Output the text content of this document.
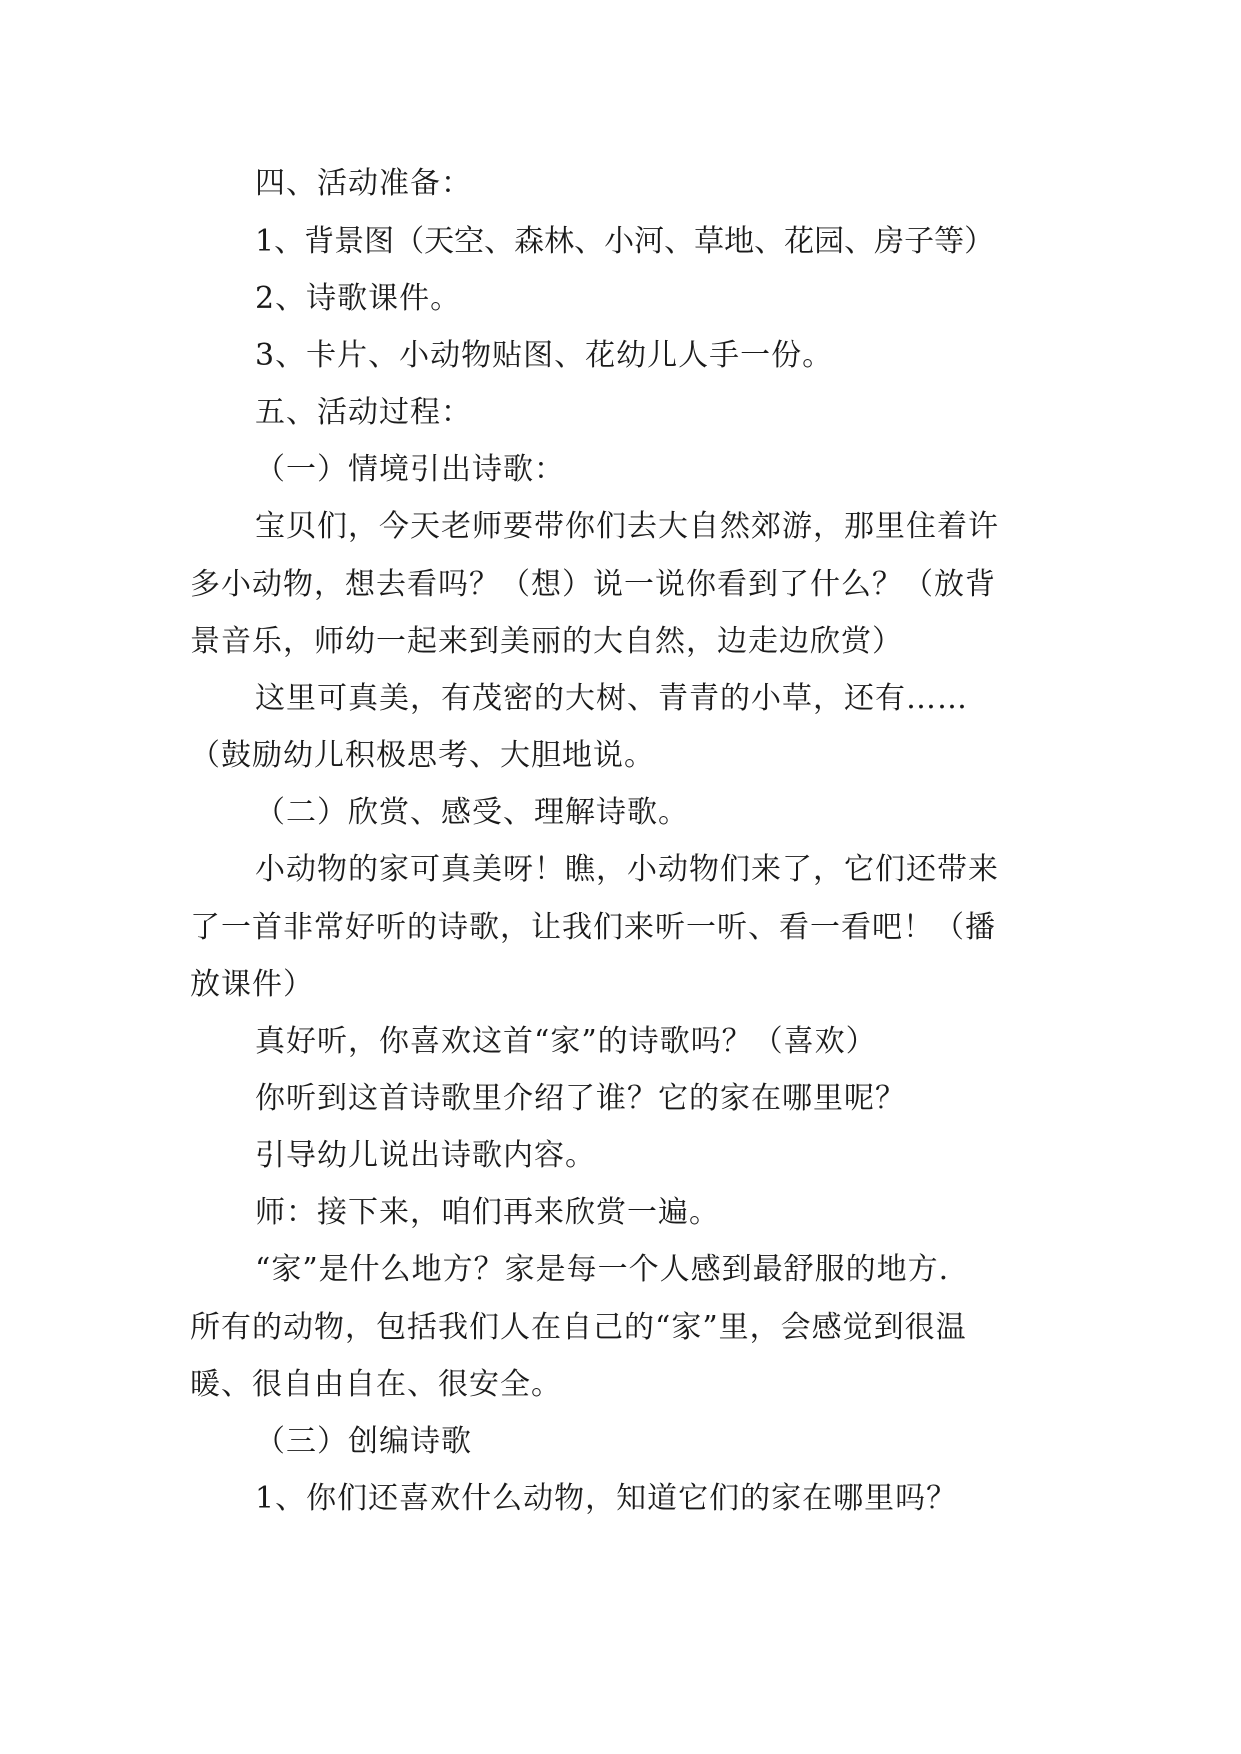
四、活动准备：
1、背景图（天空、森林、小河、草地、花园、房子等）
2、诗歌课件。
3、卡片、小动物贴图、花幼儿人手一份。
五、活动过程：
（一）情境引出诗歌：
宝贝们，今天老师要带你们去大自然郊游，那里住着许
多小动物，想去看吗？（想）说一说你看到了什么？（放背
景音乐，师幼一起来到美丽的大自然，边走边欣赏）
这里可真美，有茂密的大树、青青的小草，还有……
（鼓励幼儿积极思考、大胆地说。
（二）欣赏、感受、理解诗歌。
小动物的家可真美呀！瞧，小动物们来了，它们还带来
了一首非常好听的诗歌，让我们来听一听、看一看吧！（播
放课件）
真好听，你喜欢这首“家”的诗歌吗？（喜欢）
你听到这首诗歌里介绍了谁？它的家在哪里呢？
引导幼儿说出诗歌内容。
师：接下来，咱们再来欣赏一遍。
“家”是什么地方？家是每一个人感到最舒服的地方.
所有的动物，包括我们人在自己的“家”里，会感觉到很温
暖、很自由自在、很安全。
（三）创编诗歌
1、你们还喜欢什么动物，知道它们的家在哪里吗？
